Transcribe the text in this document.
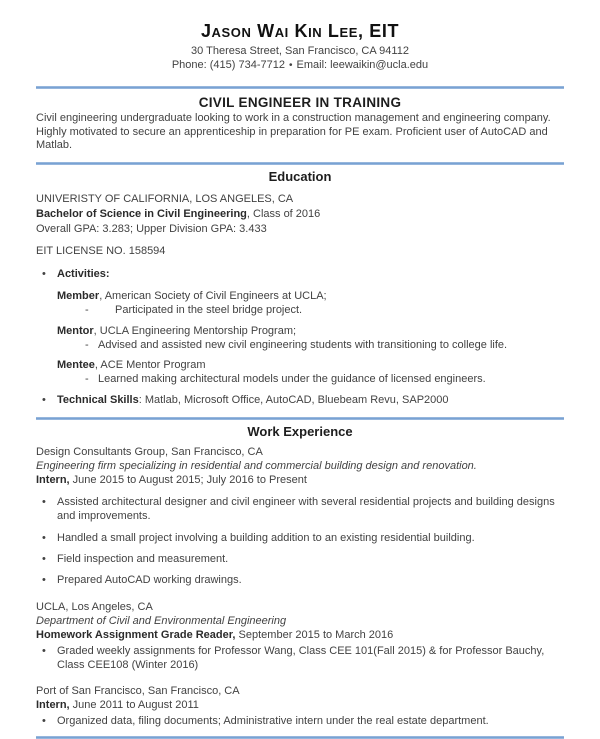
Jason Wai Kin Lee, EIT
30 Theresa Street, San Francisco, CA 94112
Phone: (415) 734-7712 • Email: leewaikin@ucla.edu
CIVIL ENGINEER IN TRAINING

Civil engineering undergraduate looking to work in a construction management and engineering company. Highly motivated to secure an apprenticeship in preparation for PE exam. Proficient user of AutoCAD and Matlab.

Education
UNIVERISTY OF CALIFORNIA, LOS ANGELES, CA
Bachelor of Science in Civil Engineering, Class of 2016
Overall GPA: 3.283; Upper Division GPA: 3.433
EIT LICENSE NO. 158594
•	Activities:
Member, American Society of Civil Engineers at UCLA;
-	Participated in the steel bridge project.
Mentor, UCLA Engineering Mentorship Program;
- Advised and assisted new civil engineering students with transitioning to college life.
Mentee, ACE Mentor Program
- Learned making architectural models under the guidance of licensed engineers.
•	Technical Skills: Matlab, Microsoft Office, AutoCAD, Bluebeam Revu, SAP2000
Work Experience
Design Consultants Group, San Francisco, CA
Engineering firm specializing in residential and commercial building design and renovation.
Intern, June 2015 to August 2015; July 2016 to Present
•	Assisted architectural designer and civil engineer with several residential projects and building designs and improvements.
•	Handled a small project involving a building addition to an existing residential building.
•	Field inspection and measurement.
•	Prepared AutoCAD working drawings.
UCLA, Los Angeles, CA
Department of Civil and Environmental Engineering
Homework Assignment Grade Reader, September 2015 to March 2016
•	Graded weekly assignments for Professor Wang, Class CEE 101(Fall 2015) & for Professor Bauchy, Class CEE108 (Winter 2016)
Port of San Francisco, San Francisco, CA
Intern, June 2011 to August 2011
•	Organized data, filing documents; Administrative intern under the real estate department.
